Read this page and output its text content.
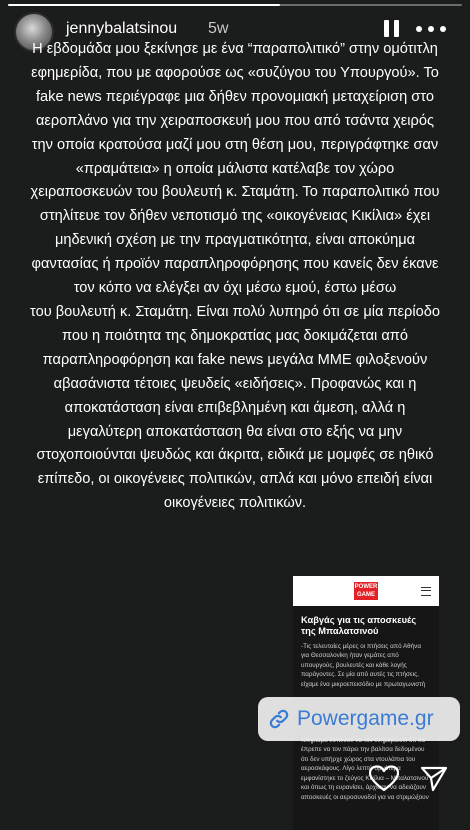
jennybalatsinou 5w
Η εβδομάδα μου ξεκίνησε με ένα “παραπολιτικό” στην ομότιτλη
εφημερίδα, που με αφορούσε ως «συζύγου του Υπουργού». Το
fake news περιέγραφε μια δήθεν προνομιακή μεταχείριση στο
αεροπλάνο για την χειραποσκευή μου που από τσάντα χειρός
την οποία κρατούσα μαζί μου στη θέση μου, περιγράφτηκε σαν
«πραμάτεια» η οποία μάλιστα κατέλαβε τον χώρο
χειραποσκευών του βουλευτή κ. Σταμάτη. Το παραπολιτικό που
στηλίτευε τον δήθεν νεποτισμό της «οικογένειας Κικίλια» έχει
μηδενική σχέση με την πραγματικότητα, είναι αποκύημα
φαντασίας ή προϊόν παραπληροφόρησης που κανείς δεν έκανε
τον κόπο να ελέγξει αν όχι μέσω εμού, έστω μέσω
του βουλευτή κ. Σταμάτη. Είναι πολύ λυπηρό ότι σε μία περίοδο
που η ποιότητα της δημοκρατίας μας δοκιμάζεται από
παραπληροφόρηση και fake news μεγάλα ΜΜΕ φιλοξενούν
αβασάνιστα τέτοιες ψευδείς «ειδήσεις». Προφανώς και η
αποκατάσταση είναι επιβεβλημένη και άμεση, αλλά η
μεγαλύτερη αποκατάσταση θα είναι στο εξής να μην
στοχοποιούνται ψευδώς και άκριτα, ειδικά με μομφές σε ηθικό
επίπεδο, οι οικογένειες πολιτικών, απλά και μόνο επειδή είναι
οικογένειες πολιτικών.
POWER GAME
Καβγάς για τις αποσκευές της Μπαλατσινού
-Τις τελευταίες μέρες οι πτήσεις από Αθήνα
για Θεσσαλονίκη ήταν γεμάτες από
υπουργούς, βουλευτές και κάθε λογής
παράγοντες. Σε μία από αυτές τις πτήσεις,
είχαμε ένα μικροεπεισόδιο με πρωταγωνιστή

έπρεπε να τον πάρει την βαλίτσα δεδομένου
ότι δεν υπήρχε χώρος στα ντουλάπια του
αεροσκάφους. Λίγο λεπτά αργότερα
εμφανίστηκε το ζεύγος Κικίλια – Μπαλατσινού
και όπως τη ευρανίσει, άρχισαν να αδειάζουν
αποσκευές οι αεροσυνοδοί για να στριμώξουν
Powergame.gr
